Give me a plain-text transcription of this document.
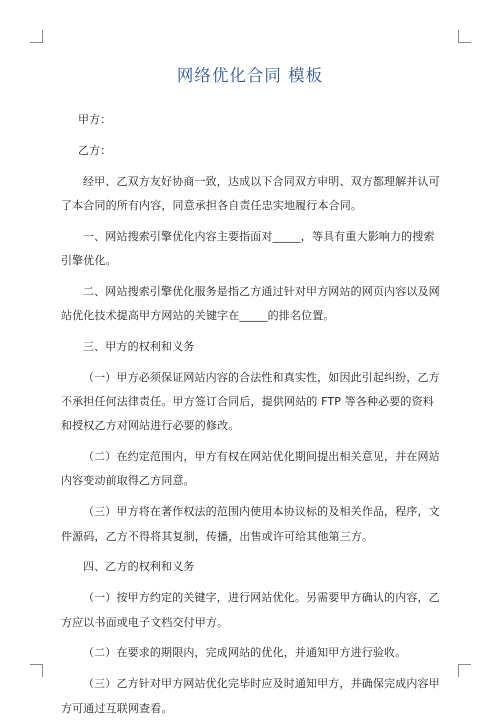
网络优化合同 模板

甲方：

乙方：

经甲、乙双方友好协商一致，达成以下合同双方申明、双方都理解并认可了本合同的所有内容，同意承担各自责任忠实地履行本合同。

一、网站搜索引擎优化内容主要指面对_____，等具有重大影响力的搜索引擎优化。

二、网站搜索引擎优化服务是指乙方通过针对甲方网站的网页内容以及网站优化技术提高甲方网站的关键字在_____的排名位置。

三、甲方的权利和义务

（一）甲方必须保证网站内容的合法性和真实性，如因此引起纠纷，乙方不承担任何法律责任。甲方签订合同后，提供网站的 FTP 等各种必要的资料和授权乙方对网站进行必要的修改。

（二）在约定范围内，甲方有权在网站优化期间提出相关意见，并在网站内容变动前取得乙方同意。

（三）甲方将在著作权法的范围内使用本协议标的及相关作品，程序，文件源码，乙方不得将其复制，传播，出售或许可给其他第三方。

四、乙方的权利和义务

（一）按甲方约定的关键字，进行网站优化。另需要甲方确认的内容，乙方应以书面或电子文档交付甲方。

（二）在要求的期限内，完成网站的优化，并通知甲方进行验收。

（三）乙方针对甲方网站优化完毕时应及时通知甲方，并确保完成内容甲方可通过互联网查看。
